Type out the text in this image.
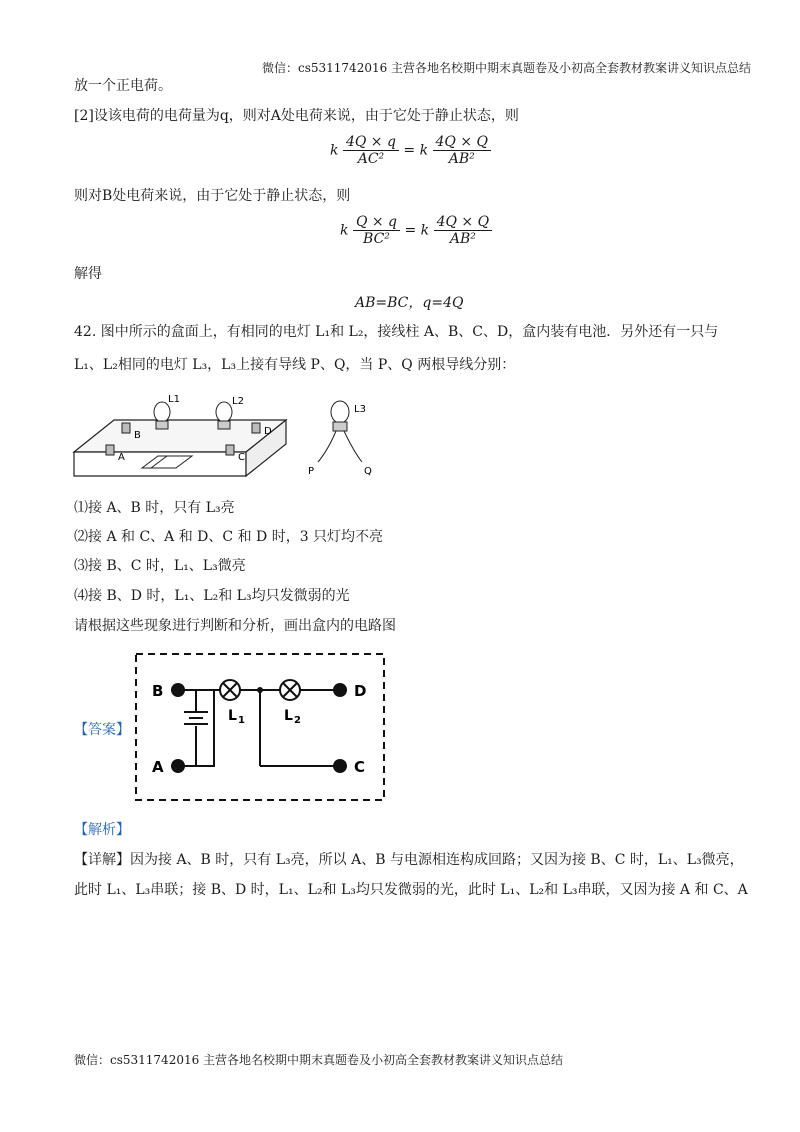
微信：cs5311742016 主营各地名校期中期末真题卷及小初高全套教材教案讲义知识点总结
放一个正电荷。
[2]设该电荷的电荷量为q，则对A处电荷来说，由于它处于静止状态，则
k $\frac{4Q \times q}{\text{AC²}} = k \frac{4Q \times Q}{\text{AB²}}$
则对B处电荷来说，由于它处于静止状态，则
k $\frac{Q \times q}{\text{BC²}} = k \frac{4Q \times Q}{\text{AB²}}$
解得
AB=BC，q=4Q
42. 图中所示的盒面上，有相同的电灯 L₁和 L₂，接线柱 A、B、C、D，盒内装有电池．另外还有一只与
L₁、L₂相同的电灯 L₃，L₃上接有导线 P、Q，当 P、Q 两根导线分别：
L1	L2
B
A
D
C
L3
P	Q
⑴接 A、B 时，只有 L₃亮
⑵接 A 和 C、A 和 D、C 和 D 时，3 只灯均不亮
⑶接 B、C 时，L₁、L₃微亮
⑷接 B、D 时，L₁、L₂和 L₃均只发微弱的光
请根据这些现象进行判断和分析，画出盒内的电路图
【答案】
B
A
D
C
L 1	L 2
【解析】
【详解】因为接 A、B 时，只有 L₃亮，所以 A、B 与电源相连构成回路；又因为接 B、C 时，L₁、L₃微亮，
此时 L₁、L₃串联；接 B、D 时，L₁、L₂和 L₃均只发微弱的光，此时 L₁、L₂和 L₃串联，又因为接 A 和 C、A
微信：cs5311742016 主营各地名校期中期末真题卷及小初高全套教材教案讲义知识点总结
